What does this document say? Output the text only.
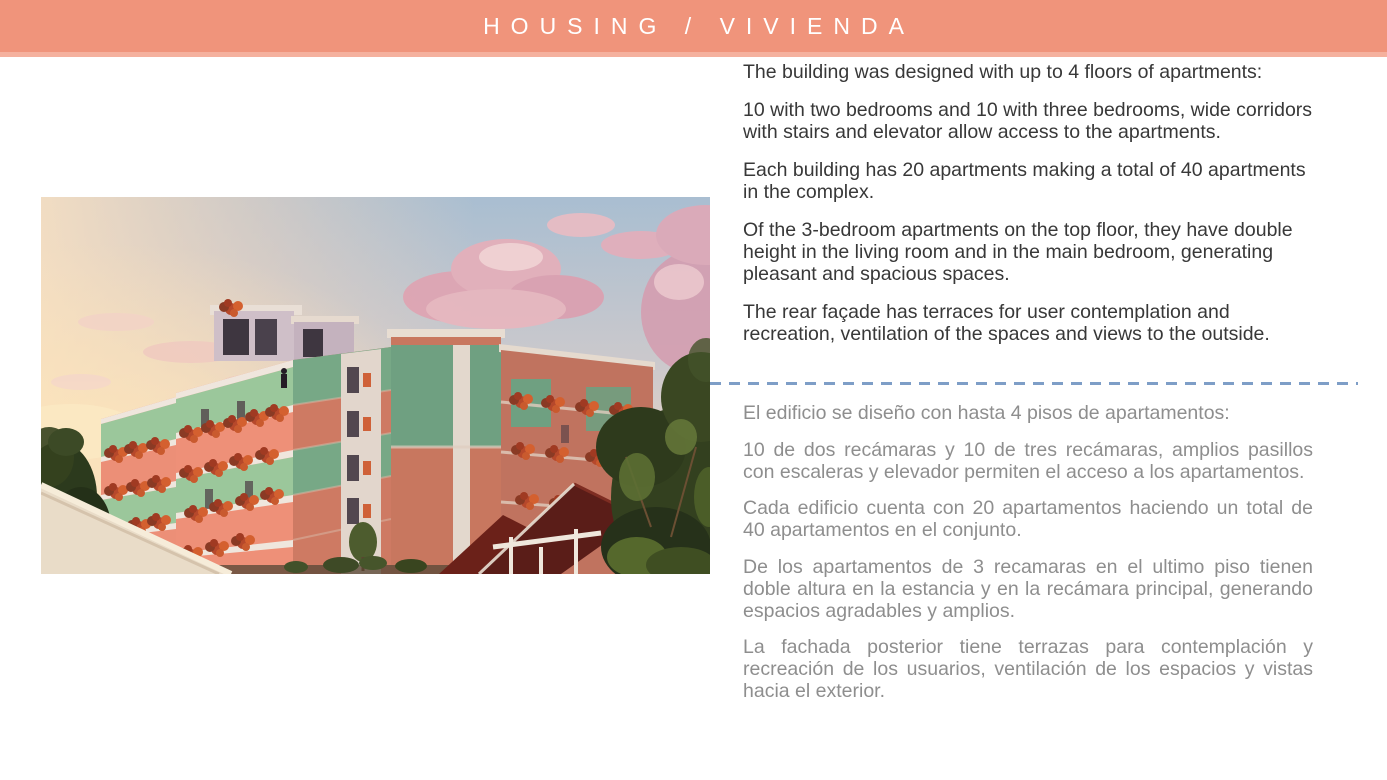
HOUSING / VIVIENDA

The building was designed with up to 4 floors of apartments:

10 with two bedrooms and 10 with three bedrooms, wide corridors with stairs and elevator allow access to the apartments.

Each building has 20 apartments making a total of 40 apartments in the complex.

Of the 3-bedroom apartments on the top floor, they have double height in the living room and in the main bedroom, generating pleasant and spacious spaces.

The rear façade has terraces for user contemplation and recreation, ventilation of the spaces and views to the outside.

El edificio se diseño con hasta 4 pisos de apartamentos:

10 de dos recámaras y 10 de tres recámaras, amplios pasillos con escaleras y elevador permiten el acceso a los apartamentos.

Cada edificio cuenta con 20 apartamentos haciendo un total de 40 apartamentos en el conjunto.

De los apartamentos de 3 recamaras en el ultimo piso tienen doble altura en la estancia y en la recámara principal, generando espacios agradables y amplios.

La fachada posterior tiene terrazas para contemplación y recreación de los usuarios, ventilación de los espacios y vistas hacia el exterior.
